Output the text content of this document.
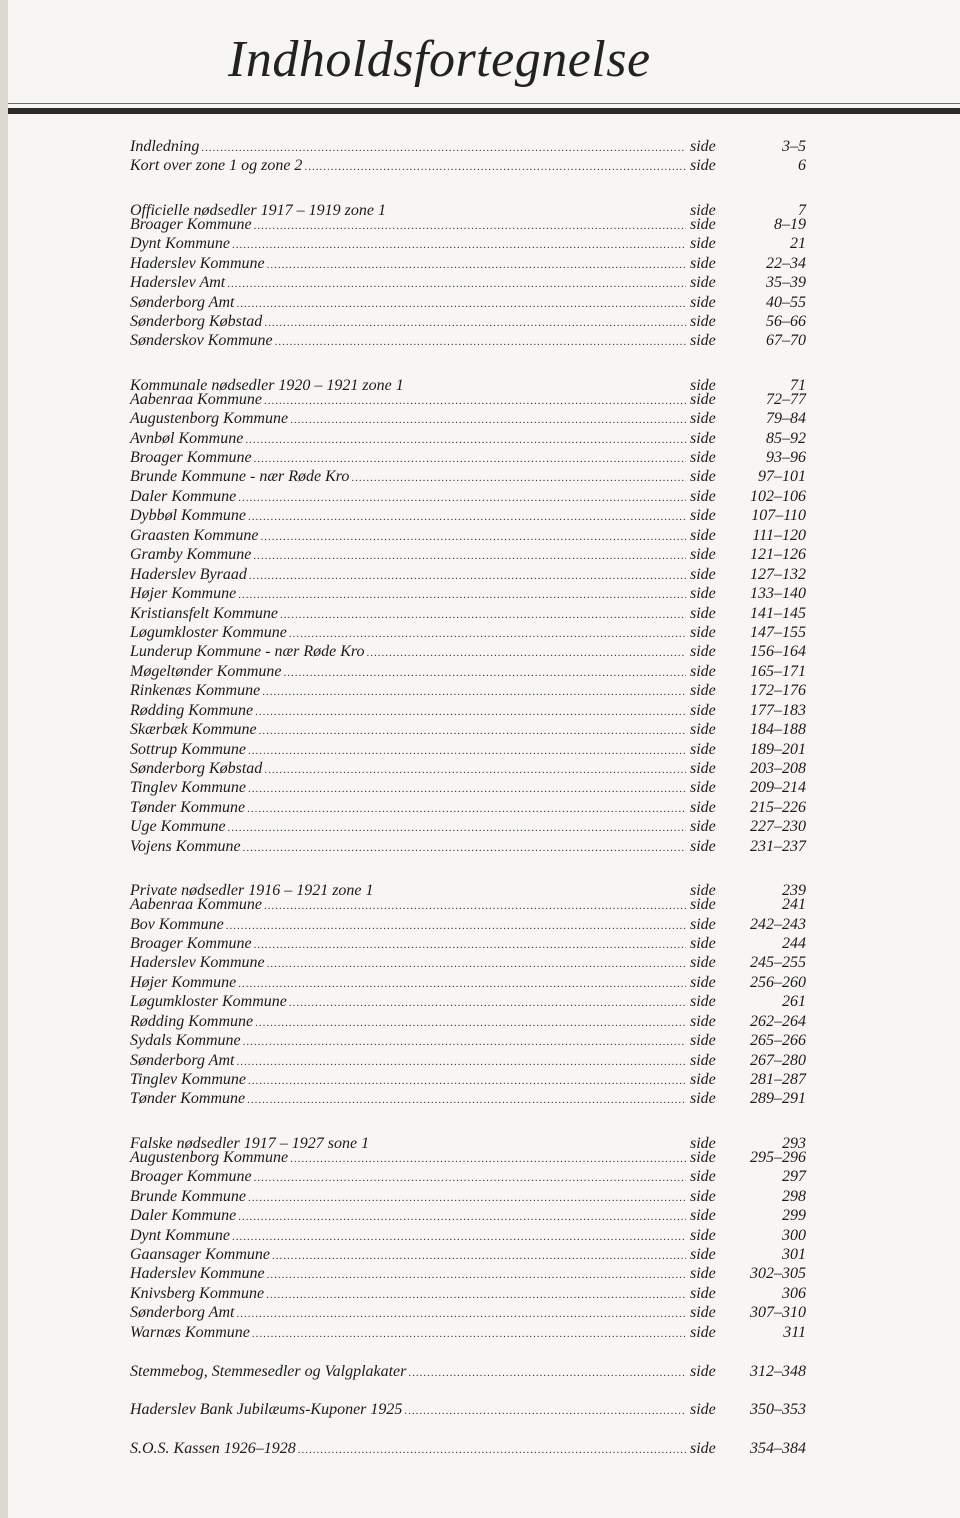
Indholdsfortegnelse
Indledning .....	side	3–5
Kort over zone 1 og zone 2 .....	side	6
Officielle nødsedler 1917 – 1919 zone 1	side	7
Broager Kommune .....	side	8–19
Dynt Kommune .....	side	21
Haderslev Kommune .....	side	22–34
Haderslev Amt .....	side	35–39
Sønderborg Amt .....	side	40–55
Sønderborg Købstad .....	side	56–66
Sønderskov Kommune .....	side	67–70
Kommunale nødsedler 1920 – 1921 zone 1	side	71
Aabenraa Kommune .....	side	72–77
Augustenborg Kommune .....	side	79–84
Avnbøl Kommune .....	side	85–92
Broager Kommune .....	side	93–96
Brunde Kommune - nær Røde Kro .....	side	97–101
Daler Kommune .....	side	102–106
Dybbøl Kommune .....	side	107–110
Graasten Kommune .....	side	111–120
Gramby Kommune .....	side	121–126
Haderslev Byraad .....	side	127–132
Højer Kommune .....	side	133–140
Kristiansfelt Kommune .....	side	141–145
Løgumkloster Kommune .....	side	147–155
Lunderup Kommune - nær Røde Kro .....	side	156–164
Møgeltønder Kommune .....	side	165–171
Rinkenæs Kommune .....	side	172–176
Rødding Kommune .....	side	177–183
Skærbæk Kommune .....	side	184–188
Sottrup Kommune .....	side	189–201
Sønderborg Købstad .....	side	203–208
Tinglev Kommune .....	side	209–214
Tønder Kommune .....	side	215–226
Uge Kommune .....	side	227–230
Vojens Kommune .....	side	231–237
Private nødsedler 1916 – 1921 zone 1	side	239
Aabenraa Kommune .....	side	241
Bov Kommune .....	side	242–243
Broager Kommune .....	side	244
Haderslev Kommune .....	side	245–255
Højer Kommune .....	side	256–260
Løgumkloster Kommune .....	side	261
Rødding Kommune .....	side	262–264
Sydals Kommune .....	side	265–266
Sønderborg Amt .....	side	267–280
Tinglev Kommune .....	side	281–287
Tønder Kommune .....	side	289–291
Falske nødsedler 1917 – 1927 sone 1	side	293
Augustenborg Kommune .....	side	295–296
Broager Kommune .....	side	297
Brunde Kommune .....	side	298
Daler Kommune .....	side	299
Dynt Kommune .....	side	300
Gaansager Kommune .....	side	301
Haderslev Kommune .....	side	302–305
Knivsberg Kommune .....	side	306
Sønderborg Amt .....	side	307–310
Warnæs Kommune .....	side	311
Stemmebog, Stemmesedler og Valgplakater .....	side	312–348
Haderslev Bank Jubilæums-Kuponer 1925 .....	side	350–353
S.O.S. Kassen 1926–1928 .....	side	354–384
